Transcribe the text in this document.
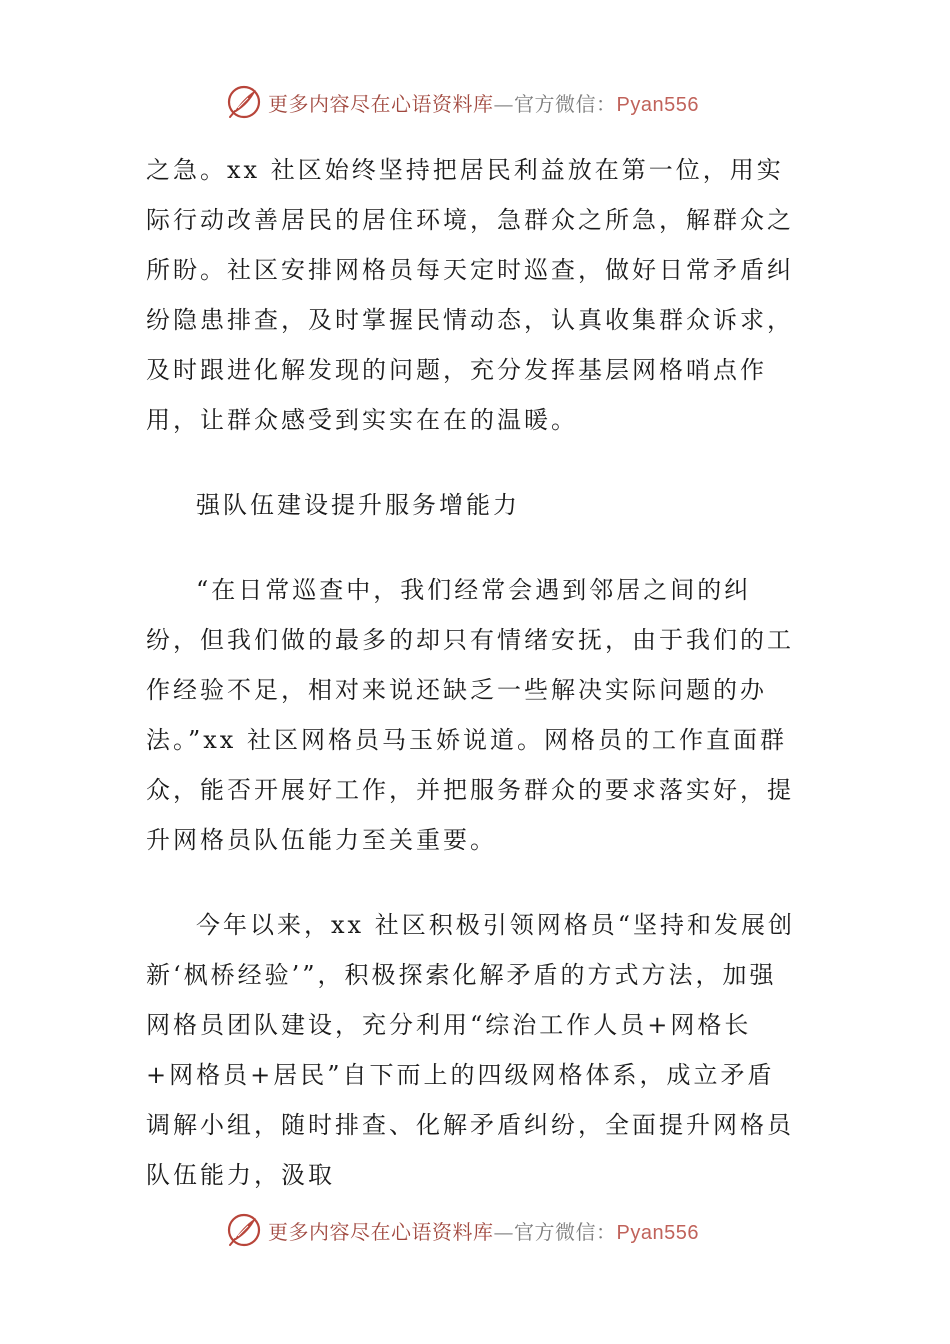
更多内容尽在心语资料库—官方微信：Pyan556

之急。xx 社区始终坚持把居民利益放在第一位，用实际行动改善居民的居住环境，急群众之所急，解群众之所盼。社区安排网格员每天定时巡查，做好日常矛盾纠纷隐患排查，及时掌握民情动态，认真收集群众诉求，及时跟进化解发现的问题，充分发挥基层网格哨点作用，让群众感受到实实在在的温暖。

强队伍建设提升服务增能力

“在日常巡查中，我们经常会遇到邻居之间的纠纷，但我们做的最多的却只有情绪安抚，由于我们的工作经验不足，相对来说还缺乏一些解决实际问题的办法。”xx 社区网格员马玉娇说道。网格员的工作直面群众，能否开展好工作，并把服务群众的要求落实好，提升网格员队伍能力至关重要。

今年以来，xx 社区积极引领网格员“坚持和发展创新‘枫桥经验’”，积极探索化解矛盾的方式方法，加强网格员团队建设，充分利用“综治工作人员+网格长+网格员+居民”自下而上的四级网格体系，成立矛盾调解小组，随时排查、化解矛盾纠纷，全面提升网格员队伍能力，汲取

更多内容尽在心语资料库—官方微信：Pyan556
